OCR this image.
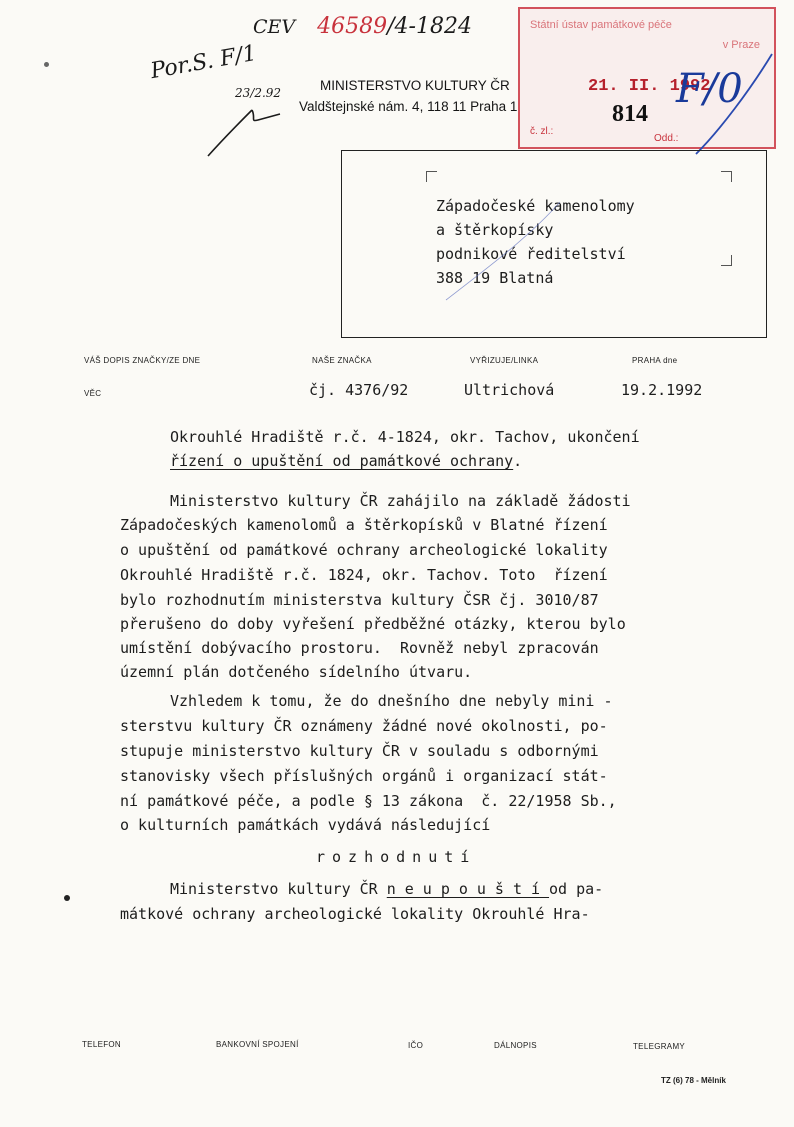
CEV 46589/4-1824
Por.S. F/1
23/2.92	MINISTERSTVO KULTURY ČR
Valdštejnské nám. 4, 118 11 Praha 1
Státní ústav památkové péče
v Praze
21. II. 1992
814
č. zl.:
Odd.:
F/0
Západočeské kamenolomy
a štěrkopísky
podnikové ředitelství
388 19 Blatná
VÁŠ DOPIS ZNAČKY/ZE DNE	NAŠE ZNAČKA	VYŘIZUJE/LINKA	PRAHA dne
VĚC	čj. 4376/92	Ultrichová	19.2.1992
Okrouhlé Hradiště r.č. 4-1824, okr. Tachov, ukončení
řízení o upuštění od památkové ochrany.
Ministerstvo kultury ČR zahájilo na základě žádosti
Západočeských kamenolomů a štěrkopísků v Blatné řízení
o upuštění od památkové ochrany archeologické lokality
Okrouhlé Hradiště r.č. 1824, okr. Tachov. Toto  řízení
bylo rozhodnutím ministerstva kultury ČSR čj. 3010/87
přerušeno do doby vyřešení předběžné otázky, kterou bylo
umístění dobývacího prostoru.  Rovněž nebyl zpracován
územní plán dotčeného sídelního útvaru.
Vzhledem k tomu, že do dnešního dne nebyly mini -
sterstvu kultury ČR oznámeny žádné nové okolnosti, po-
stupuje ministerstvo kultury ČR v souladu s odbornými
stanovisky všech příslušných orgánů i organizací stát-
ní památkové péče, a podle § 13 zákona  č. 22/1958 Sb.,
o kulturních památkách vydává následující
rozhodnutí
Ministerstvo kultury ČR neupouštíod pa-
mátkové ochrany archeologické lokality Okrouhlé Hra-
TELEFON	BANKOVNÍ SPOJENÍ	IČO	DÁLNOPIS	TELEGRAMY
TZ (6) 78 - Mělník
